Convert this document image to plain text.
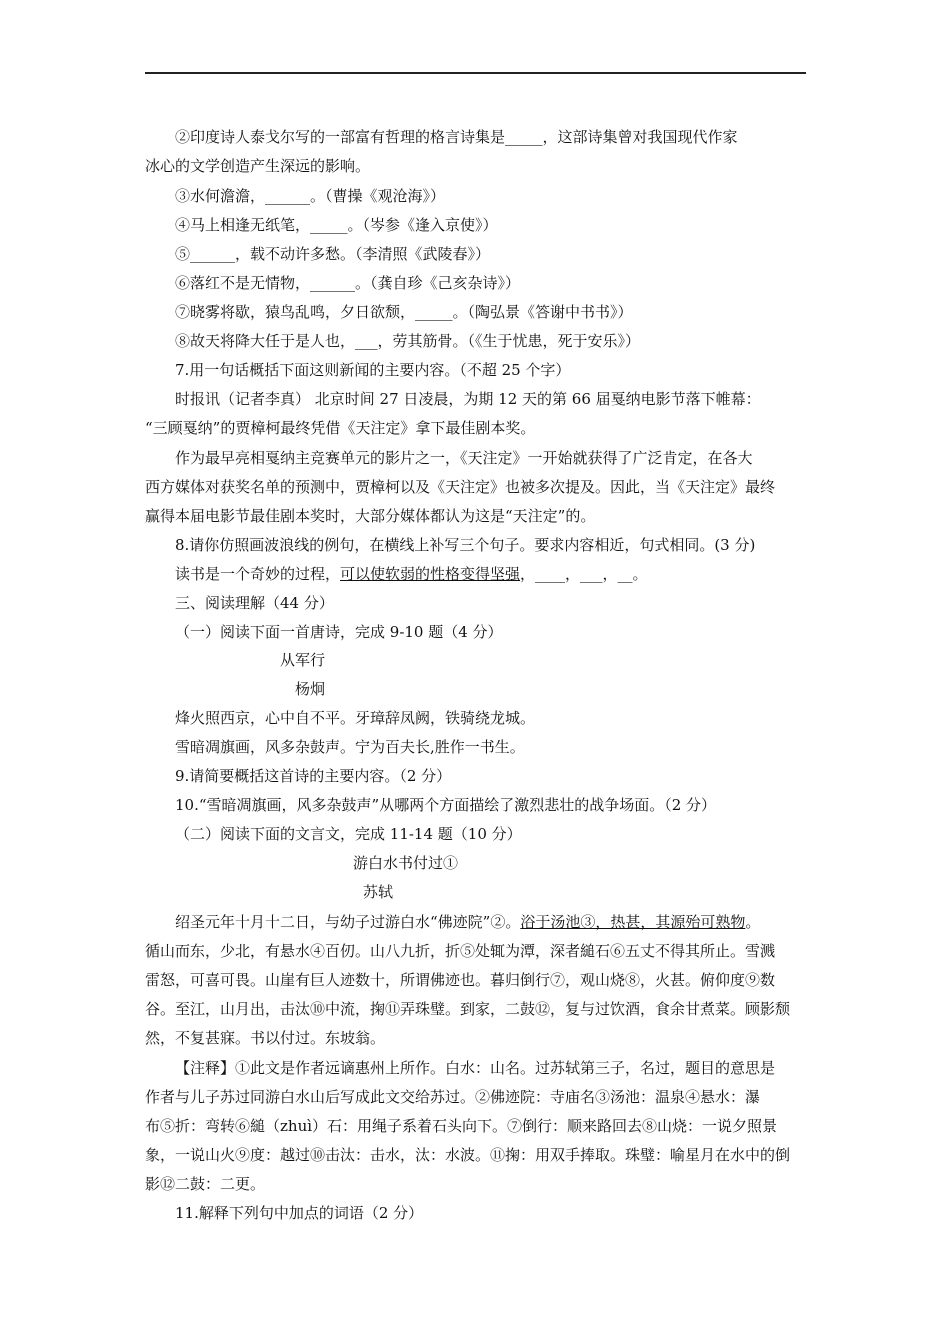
②印度诗人泰戈尔写的一部富有哲理的格言诗集是_____，这部诗集曾对我国现代作家
冰心的文学创造产生深远的影响。
③水何澹澹，______。（曹操《观沧海》）
④马上相逢无纸笔，_____。（岑参《逢入京使》）
⑤______，载不动许多愁。（李清照《武陵春》）
⑥落红不是无情物，______。（龚自珍《己亥杂诗》）
⑦晓雾将歇，猿鸟乱鸣，夕日欲颓，_____。（陶弘景《答谢中书书》）
⑧故天将降大任于是人也，___，劳其筋骨。（《生于忧患，死于安乐》）
7.用一句话概括下面这则新闻的主要内容。（不超 25 个字）
时报讯（记者李真） 北京时间 27 日凌晨，为期 12 天的第 66 届戛纳电影节落下帷幕：
“三顾戛纳”的贾樟柯最终凭借《天注定》拿下最佳剧本奖。
作为最早亮相戛纳主竞赛单元的影片之一，《天注定》一开始就获得了广泛肯定，在各大
西方媒体对获奖名单的预测中，贾樟柯以及《天注定》也被多次提及。因此，当《天注定》最终
赢得本届电影节最佳剧本奖时，大部分媒体都认为这是“天注定”的。
8.请你仿照画波浪线的例句，在横线上补写三个句子。要求内容相近，句式相同。(3 分)
读书是一个奇妙的过程，可以使软弱的性格变得坚强，____，___，__。
三、阅读理解（44 分）
（一）阅读下面一首唐诗，完成 9-10 题（4 分）
从军行
杨炯
烽火照西京，心中自不平。牙璋辞凤阙，铁骑绕龙城。
雪暗凋旗画，风多杂鼓声。宁为百夫长,胜作一书生。
9.请简要概括这首诗的主要内容。（2 分）
10.“雪暗凋旗画，风多杂鼓声”从哪两个方面描绘了激烈悲壮的战争场面。（2 分）
（二）阅读下面的文言文，完成 11-14 题（10 分）
游白水书付过①
苏轼
绍圣元年十月十二日，与幼子过游白水“佛迹院”②。浴于汤池③，热甚，其源殆可熟物。
循山而东，少北，有悬水④百仞。山八九折，折⑤处辄为潭，深者縋石⑥五丈不得其所止。雪溅
雷怒，可喜可畏。山崖有巨人迹数十，所谓佛迹也。暮归倒行⑦，观山烧⑧，火甚。俯仰度⑨数
谷。至江，山月出，击汰⑩中流，掬⑪弄珠璧。到家，二鼓⑫，复与过饮酒，食余甘煮菜。顾影颓
然，不复甚寐。书以付过。东坡翁。
【注释】①此文是作者远谪惠州上所作。白水：山名。过苏轼第三子，名过，题目的意思是
作者与儿子苏过同游白水山后写成此文交给苏过。②佛迹院：寺庙名③汤池：温泉④悬水：瀑
布⑤折：弯转⑥縋（zhuì）石：用绳子系着石头向下。⑦倒行：顺来路回去⑧山烧：一说夕照景
象，一说山火⑨度：越过⑩击汰：击水，汰：水波。⑪掬：用双手捧取。珠璧：喻星月在水中的倒
影⑫二鼓：二更。
11.解释下列句中加点的词语（2 分）
